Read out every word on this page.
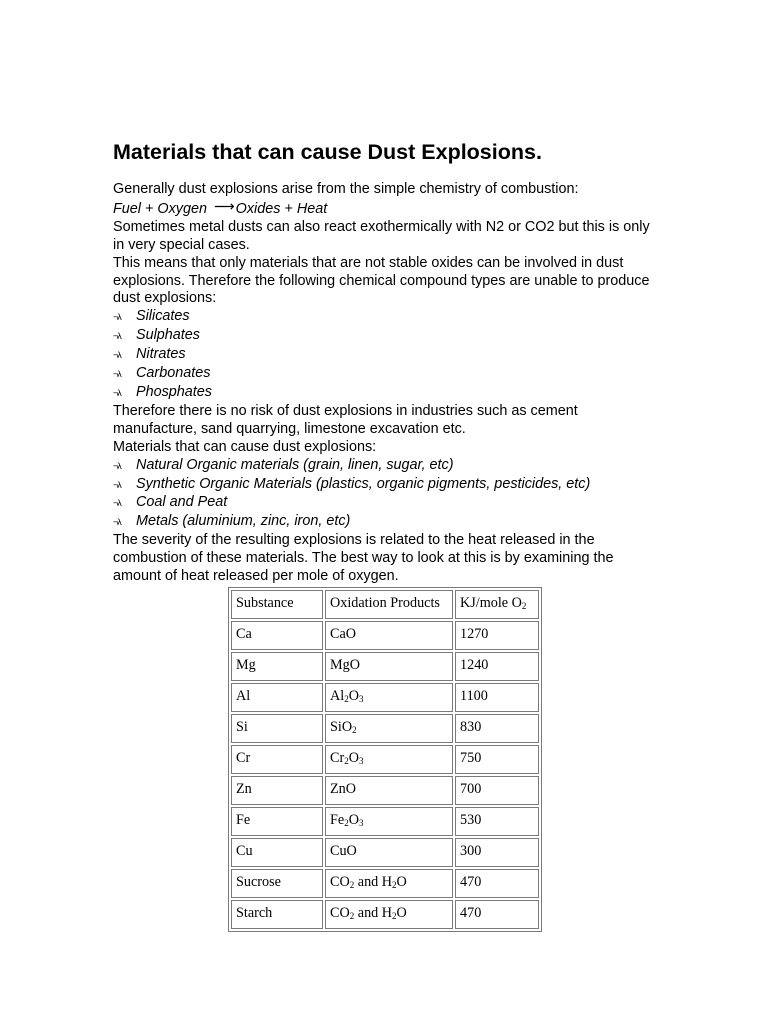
Materials that can cause Dust Explosions.

Generally dust explosions arise from the simple chemistry of combustion:

Fuel + Oxygen ⟶Oxides + Heat

Sometimes metal dusts can also react exothermically with N2 or CO2 but this is only in very special cases.

This means that only materials that are not stable oxides can be involved in dust explosions. Therefore the following chemical compound types are unable to produce dust explosions:

¬λ	Silicates
¬λ	Sulphates
¬λ	Nitrates
¬λ	Carbonates
¬λ	Phosphates

Therefore there is no risk of dust explosions in industries such as cement manufacture, sand quarrying, limestone excavation etc.

Materials that can cause dust explosions:

¬λ	Natural Organic materials (grain, linen, sugar, etc)
¬λ	Synthetic Organic Materials (plastics, organic pigments, pesticides, etc)
¬λ	Coal and Peat
¬λ	Metals (aluminium, zinc, iron, etc)

The severity of the resulting explosions is related to the heat released in the combustion of these materials. The best way to look at this is by examining the amount of heat released per mole of oxygen.

Substance	Oxidation Products	KJ/mole $O_2$
Ca	CaO	1270
Mg	MgO	1240
Al	$Al_2O_3$	1100
Si	SiO$_2$	830
Cr	$Cr_2O_3$	750
Zn	ZnO	700
Fe	$Fe_2O_3$	530
Cu	CuO	300
Sucrose	$CO_2$ and $H_2O$	470
Starch	$CO_2$ and $H_2O$	470
